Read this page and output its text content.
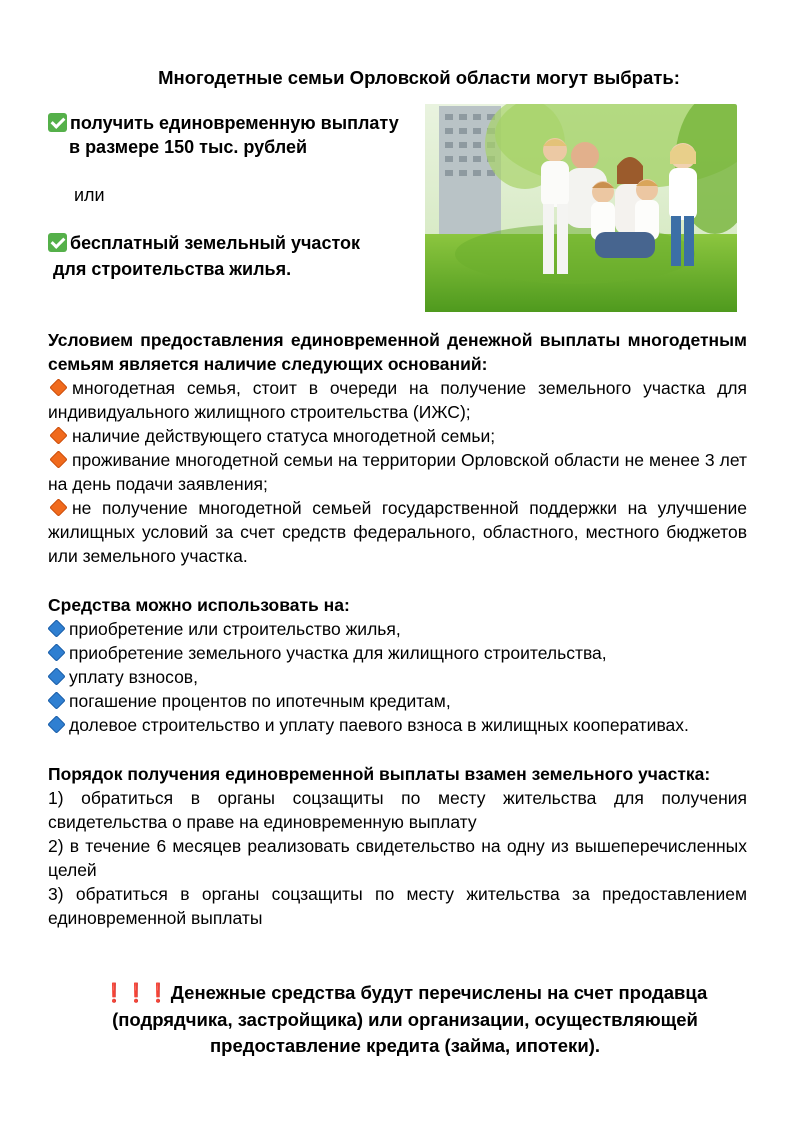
Многодетные семьи Орловской области могут выбрать:
получить единовременную выплату
в размере 150 тыс. рублей
или
бесплатный земельный участок
для строительства жилья.
Условием предоставления единовременной денежной выплаты многодетным семьям является наличие следующих оснований:
многодетная семья, стоит в очереди на получение земельного участка для индивидуального жилищного строительства (ИЖС);
наличие действующего статуса многодетной семьи;
проживание многодетной семьи на территории Орловской области не менее 3 лет на день подачи заявления;
не получение многодетной семьей государственной поддержки на улучшение жилищных условий за счет средств федерального, областного, местного бюджетов или земельного участка.
Средства можно использовать на:
приобретение или строительство жилья,
приобретение земельного участка для жилищного строительства,
уплату взносов,
погашение процентов по ипотечным кредитам,
долевое строительство и уплату паевого взноса в жилищных кооперативах.
Порядок получения единовременной выплаты взамен земельного участка:
1) обратиться в органы соцзащиты по месту жительства для получения свидетельства о праве на единовременную выплату
2) в течение 6 месяцев реализовать свидетельство на одну из вышеперечисленных целей
3) обратиться в органы соцзащиты по месту жительства за предоставлением единовременной выплаты
❗❗❗ Денежные средства будут перечислены на счет продавца (подрядчика, застройщика) или организации, осуществляющей предоставление кредита (займа, ипотеки).
